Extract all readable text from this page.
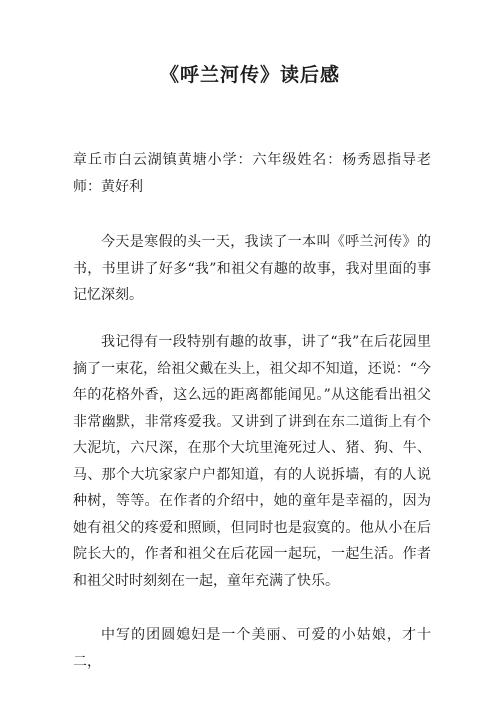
《呼兰河传》读后感

章丘市白云湖镇黄塘小学：六年级姓名：杨秀恩指导老师：黄好利

今天是寒假的头一天，我读了一本叫《呼兰河传》的书，书里讲了好多“我”和祖父有趣的故事，我对里面的事记忆深刻。

我记得有一段特别有趣的故事，讲了“我”在后花园里摘了一束花，给祖父戴在头上，祖父却不知道，还说：“今年的花格外香，这么远的距离都能闻见。”从这能看出祖父非常幽默，非常疼爱我。又讲到了讲到在东二道街上有个大泥坑，六尺深，在那个大坑里淹死过人、猪、狗、牛、马、那个大坑家家户户都知道，有的人说拆墙，有的人说种树，等等。在作者的介绍中，她的童年是幸福的，因为她有祖父的疼爱和照顾，但同时也是寂寞的。他从小在后院长大的，作者和祖父在后花园一起玩，一起生活。作者和祖父时时刻刻在一起，童年充满了快乐。

中写的团圆媳妇是一个美丽、可爱的小姑娘，才十二，
